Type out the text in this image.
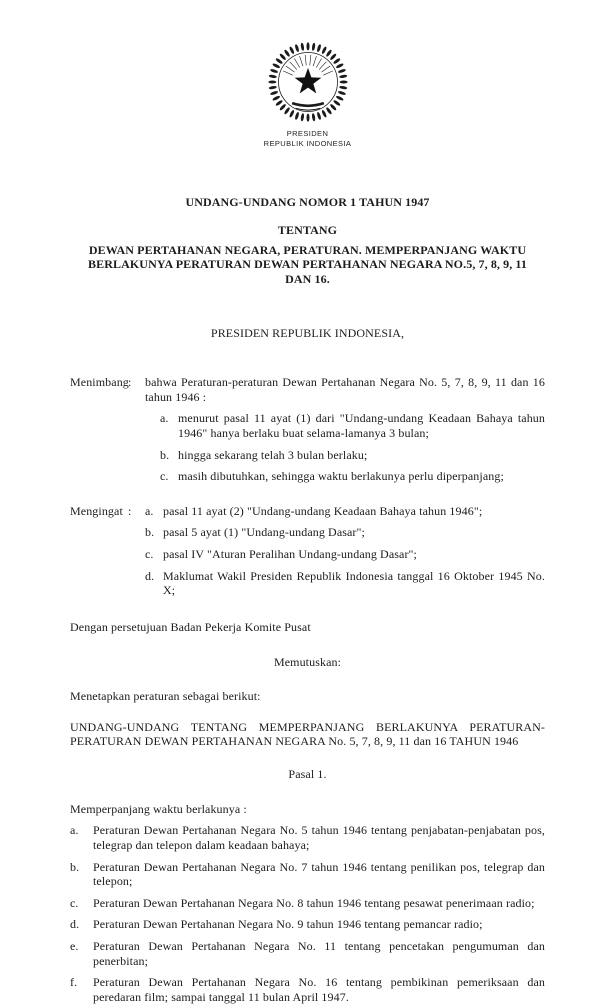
PRESIDEN
REPUBLIK INDONESIA
UNDANG-UNDANG NOMOR 1 TAHUN 1947
TENTANG
DEWAN PERTAHANAN NEGARA, PERATURAN. MEMPERPANJANG WAKTU BERLAKUNYA PERATURAN DEWAN PERTAHANAN NEGARA NO.5, 7, 8, 9, 11 DAN 16.
PRESIDEN REPUBLIK INDONESIA,
Menimbang :	bahwa Peraturan-peraturan Dewan Pertahanan Negara No. 5, 7, 8, 9, 11 dan 16 tahun 1946 :
a. menurut pasal 11 ayat (1) dari "Undang-undang Keadaan Bahaya tahun 1946" hanya berlaku buat selama-lamanya 3 bulan;
b. hingga sekarang telah 3 bulan berlaku;
c. masih dibutuhkan, sehingga waktu berlakunya perlu diperpanjang;
Mengingat :	a. pasal 11 ayat (2) "Undang-undang Keadaan Bahaya tahun 1946";
b. pasal 5 ayat (1) "Undang-undang Dasar";
c. pasal IV "Aturan Peralihan Undang-undang Dasar";
d. Maklumat Wakil Presiden Republik Indonesia tanggal 16 Oktober 1945 No. X;
Dengan persetujuan Badan Pekerja Komite Pusat
Memutuskan:
Menetapkan peraturan sebagai berikut:
UNDANG-UNDANG TENTANG MEMPERPANJANG BERLAKUNYA PERATURAN-PERATURAN DEWAN PERTAHANAN NEGARA No. 5, 7, 8, 9, 11 dan 16 TAHUN 1946
Pasal 1.
Memperpanjang waktu berlakunya :
a.	Peraturan Dewan Pertahanan Negara No. 5 tahun 1946 tentang penjabatan-penjabatan pos, telegrap dan telepon dalam keadaan bahaya;
b.	Peraturan Dewan Pertahanan Negara No. 7 tahun 1946 tentang penilikan pos, telegrap dan telepon;
c.	Peraturan Dewan Pertahanan Negara No. 8 tahun 1946 tentang pesawat penerimaan radio;
d.	Peraturan Dewan Pertahanan Negara No. 9 tahun 1946 tentang pemancar radio;
e.	Peraturan Dewan Pertahanan Negara No. 11 tentang pencetakan pengumuman dan penerbitan;
f.	Peraturan Dewan Pertahanan Negara No. 16 tentang pembikinan pemeriksaan dan peredaran film; sampai tanggal 11 bulan April 1947.
